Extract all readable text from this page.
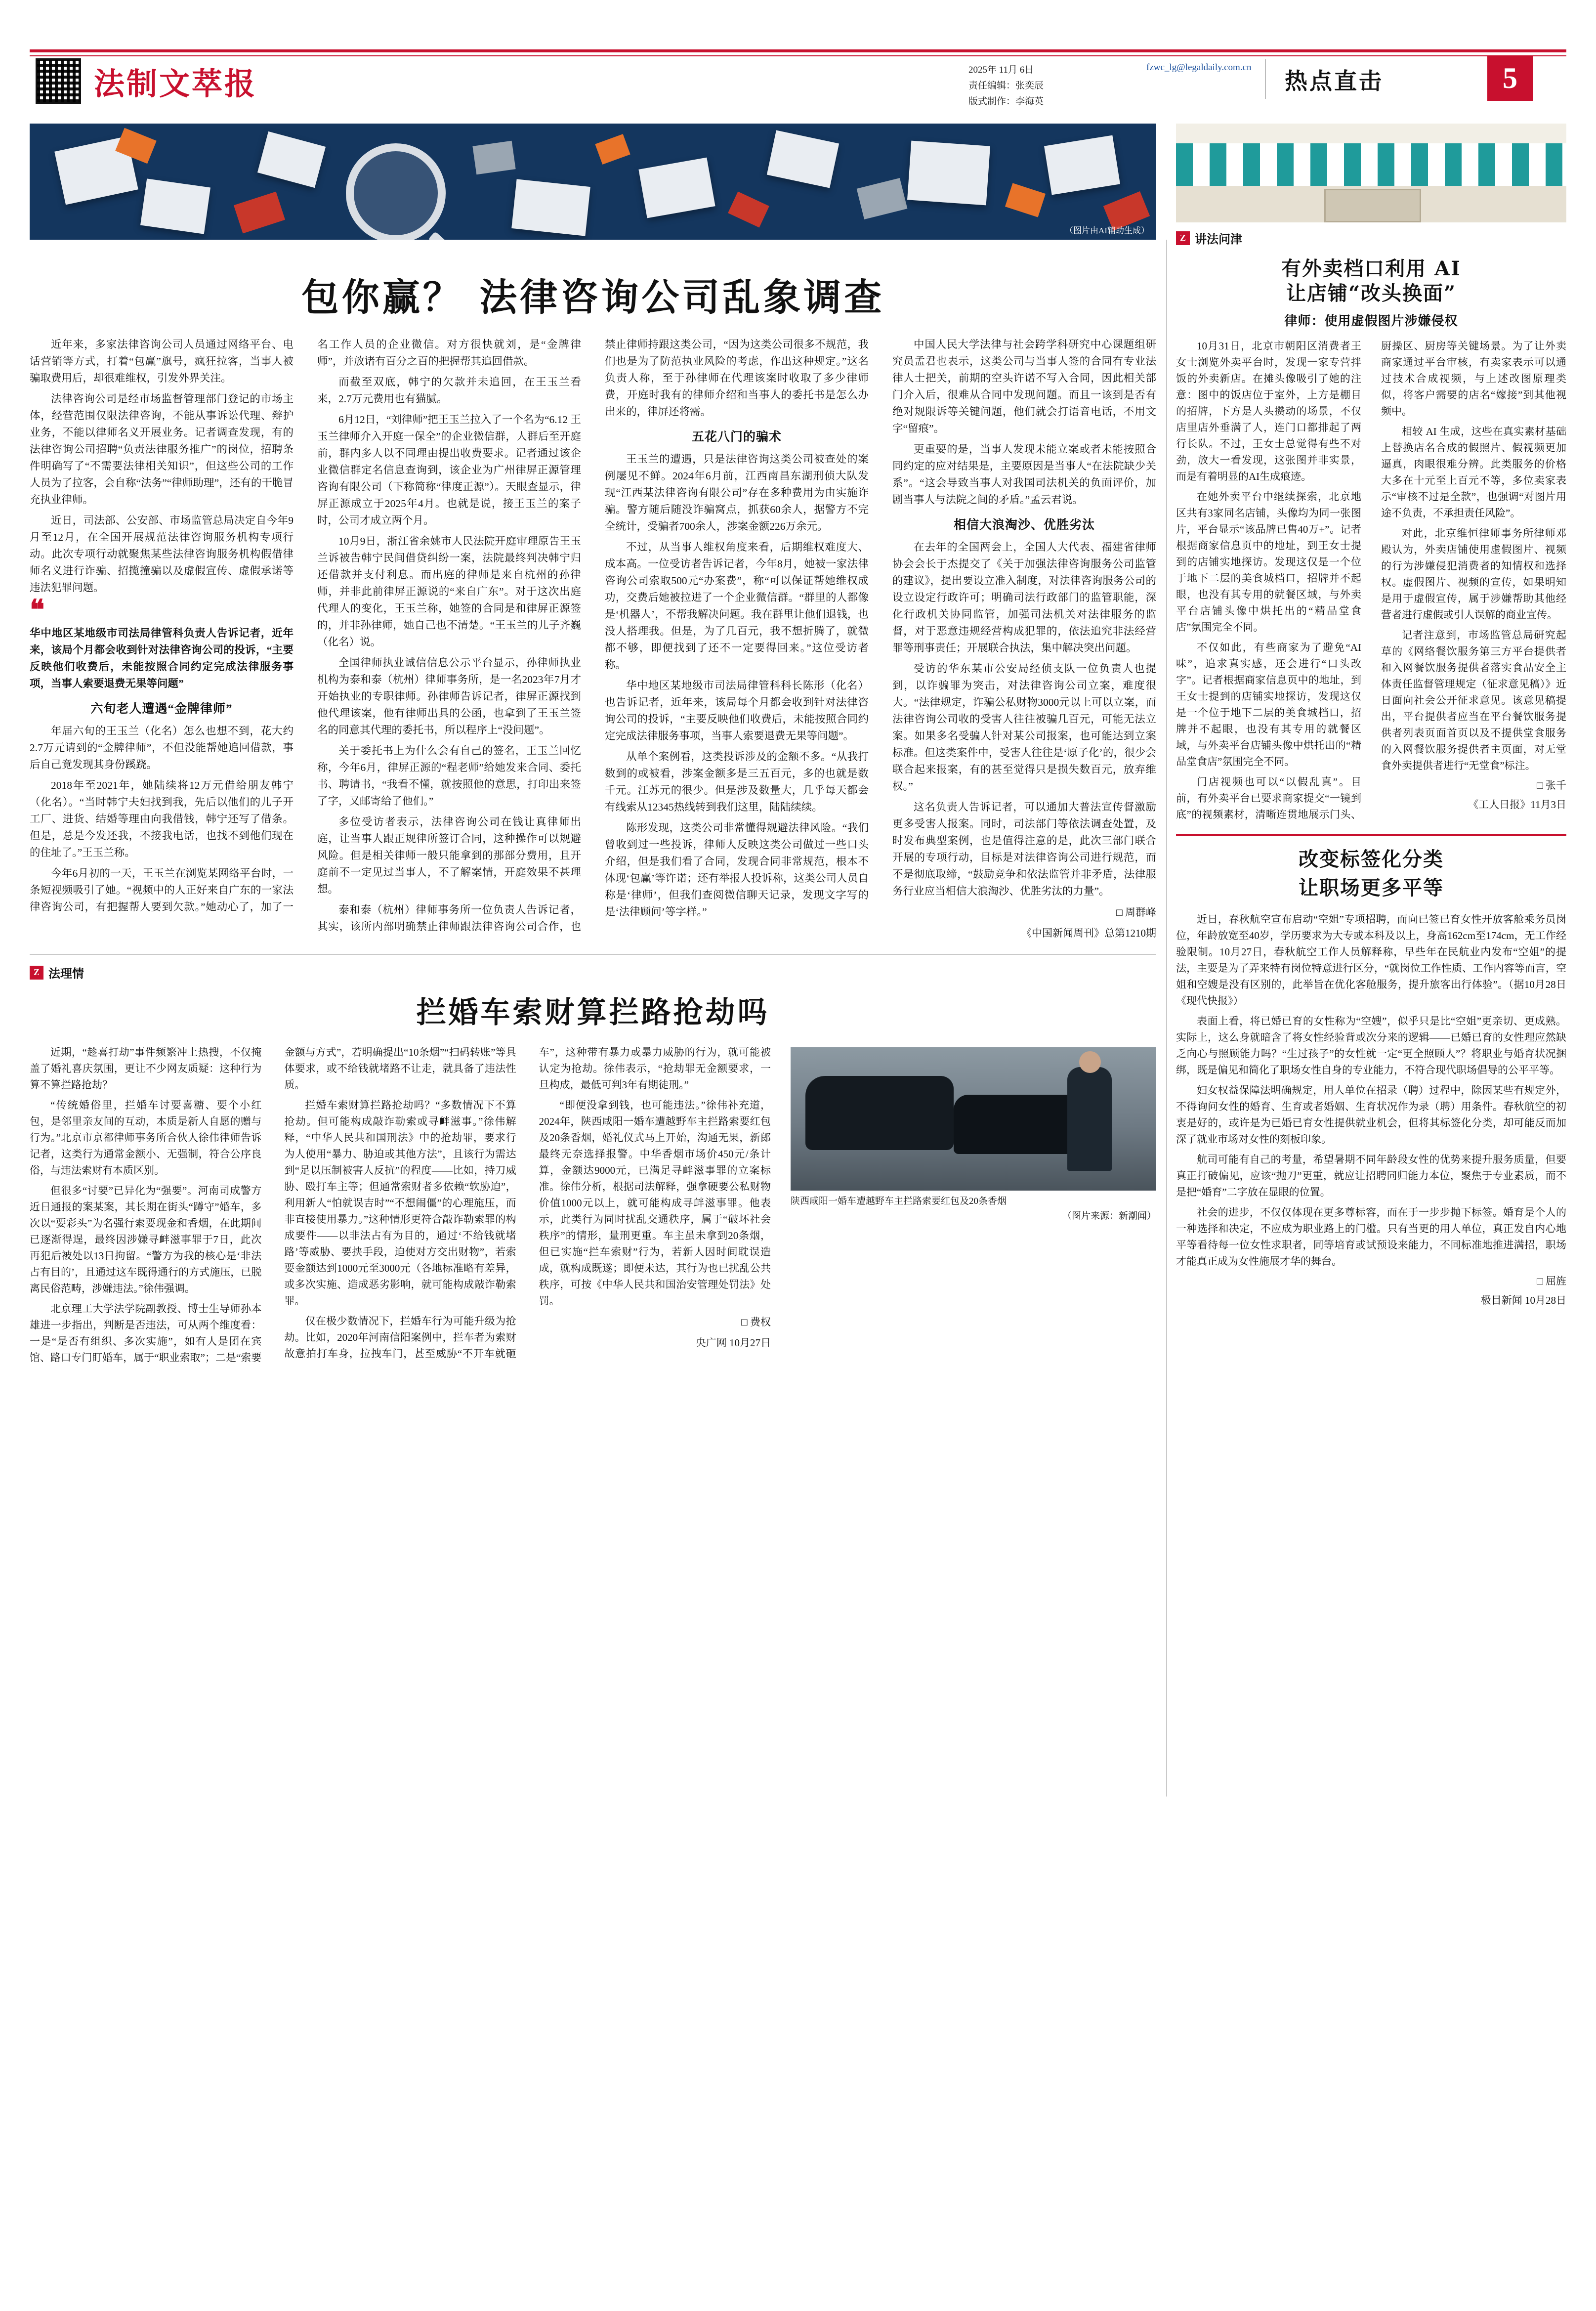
法制文萃报	2025年 11月 6日
责任编辑：张奕辰
版式制作：李海英
fzwc_lg@legaldaily.com.cn
热点直击	5
（图片由AI辅助生成）
包你赢？ 法律咨询公司乱象调查

近年来，多家法律咨询公司人员通过网络平台、电话营销等方式，打着“包赢”旗号，疯狂拉客，当事人被骗取费用后，却很难维权，引发外界关注。

法律咨询公司是经市场监督管理部门登记的市场主体，经营范围仅限法律咨询，不能从事诉讼代理、辩护业务，不能以律师名义开展业务。记者调查发现，有的法律咨询公司招聘“负责法律服务推广”的岗位，招聘条件明确写了“不需要法律相关知识”，但这些公司的工作人员为了拉客，会自称“法务”“律师助理”，还有的干脆冒充执业律师。

近日，司法部、公安部、市场监管总局决定自今年9月至12月，在全国开展规范法律咨询服务机构专项行动。此次专项行动就聚焦某些法律咨询服务机构假借律师名义进行诈骗、招揽撞骗以及虚假宣传、虚假承诺等违法犯罪问题。

❝
华中地区某地级市司法局律管科负责人告诉记者，近年来，该局个月都会收到针对法律咨询公司的投诉，“主要反映他们收费后，未能按照合同约定完成法律服务事项，当事人索要退费无果等问题”
六旬老人遭遇“金牌律师”

年届六旬的王玉兰（化名）怎么也想不到，花大约2.7万元请到的“金牌律师”，不但没能帮她追回借款，事后自己竟发现其身份蹊跷。

2018年至2021年，她陆续将12万元借给朋友韩宁（化名）。“当时韩宁夫妇找到我，先后以他们的儿子开工厂、进货、结婚等理由向我借钱，韩宁还写了借条。但是，总是今发还我，不接我电话，也找不到他们现在的住址了。”王玉兰称。

今年6月初的一天，王玉兰在浏览某网络平台时，一条短视频吸引了她。“视频中的人正好来自广东的一家法律咨询公司，有把握帮人要到欠款。”她动心了，加了一名工作人员的企业微信。对方很快就刘，是“金牌律师”，并放诸有百分之百的把握帮其追回借款。

而截至双底，韩宁的欠款并未追回，在王玉兰看来，2.7万元费用也有猫腻。

6月12日，“刘律师”把王玉兰拉入了一个名为“6.12 王玉兰律师介入开庭一保全”的企业微信群，人群后至开庭前，群内多人以不同理由提出收费要求。记者通过该企业微信群定名信息查询到，该企业为广州律屏正源管理咨询有限公司（下称简称“律度正源”）。天眼查显示，律屏正源成立于2025年4月。也就是说，接王玉兰的案子时，公司才成立两个月。

10月9日，浙江省余姚市人民法院开庭审理原告王玉兰诉被告韩宁民间借贷纠纷一案，法院最终判决韩宁归还借款并支付利息。而出庭的律师是来自杭州的孙律师，并非此前律屏正源说的“来自广东”。对于这次出庭代理人的变化，王玉兰称，她签的合同是和律屏正源签的，并非孙律师，她自己也不清楚。“王玉兰的儿子齐巍（化名）说。

全国律师执业诚信信息公示平台显示，孙律师执业机构为泰和泰（杭州）律师事务所，是一名2023年7月才开始执业的专职律师。孙律师告诉记者，律屏正源找到他代理该案，他有律师出具的公函，也拿到了王玉兰签名的同意其代理的委托书，所以程序上“没问题”。

关于委托书上为什么会有自己的签名，王玉兰回忆称，今年6月，律屏正源的“程老师”给她发来合同、委托书、聘请书，“我看不懂，就按照他的意思，打印出来签了字，又邮寄给了他们。”

多位受访者表示，法律咨询公司在钱让真律师出庭，让当事人跟正规律所签订合同，这种操作可以规避风险。但是相关律师一般只能拿到的那部分费用，且开庭前不一定见过当事人，不了解案情，开庭效果不甚理想。

泰和泰（杭州）律师事务所一位负责人告诉记者，其实，该所内部明确禁止律师跟法律咨询公司合作，也禁止律师持跟这类公司，“因为这类公司很多不规范，我们也是为了防范执业风险的考虑，作出这种规定。”这名负责人称，至于孙律师在代理该案时收取了多少律师费，开庭时我有的律师介绍和当事人的委托书是怎么办出来的，律屏还将需。

五花八门的骗术

王玉兰的遭遇，只是法律咨询这类公司被查处的案例屡见不鲜。2024年6月前，江西南昌东湖刑侦大队发现“江西某法律咨询有限公司”存在多种费用为由实施诈骗。警方随后随没诈骗窝点，抓获60余人，据警方不完全统计，受骗者700余人，涉案金额226万余元。

不过，从当事人维权角度来看，后期维权难度大、成本高。一位受访者告诉记者，今年8月，她被一家法律咨询公司索取500元“办案费”，称“可以保证帮她维权成功，交费后她被拉进了一个企业微信群。“群里的人都像是‘机器人’，不帮我解决问题。我在群里让他们退钱，也没人搭理我。但是，为了几百元，我不想折腾了，就微都不够，即便找到了还不一定要得回来。”这位受访者称。

华中地区某地级市司法局律管科科长陈形（化名）也告诉记者，近年来，该局每个月都会收到针对法律咨询公司的投诉，“主要反映他们收费后，未能按照合同约定完成法律服务事项，当事人索要退费无果等问题”。

从单个案例看，这类投诉涉及的金额不多。“从我打数到的或被看，涉案金额多是三五百元，多的也就是数千元。江苏元的很少。但是涉及数量大，几乎每天都会有线索从12345热线转到我们这里，陆陆续续。

陈形发现，这类公司非常懂得规避法律风险。“我们曾收到过一些投诉，律师人反映这类公司做过一些口头介绍，但是我们看了合同，发现合同非常规范，根本不体现‘包赢’等许诺；还有举报人投诉称，这类公司人员自称是‘律师’，但我们查阅微信聊天记录，发现文字写的是‘法律顾问’等字样。”

中国人民大学法律与社会跨学科研究中心课题组研究员孟君也表示，这类公司与当事人签的合同有专业法律人士把关，前期的空头许诺不写入合同，因此相关部门介入后，很难从合同中发现问题。而且一该到是否有绝对规限诉等关键问题，他们就会打语音电话，不用文字“留痕”。

更重要的是，当事人发现未能立案或者未能按照合同约定的应对结果是，主要原因是当事人“在法院缺少关系”。“这会导致当事人对我国司法机关的负面评价，加剧当事人与法院之间的矛盾。”孟云君说。

相信大浪淘沙、优胜劣汰

在去年的全国两会上，全国人大代表、福建省律师协会会长于杰提交了《关于加强法律咨询服务公司监管的建议》，提出要设立准入制度，对法律咨询服务公司的设立设定行政许可；明确司法行政部门的监管职能，深化行政机关协同监管，加强司法机关对法律服务的监督，对于恶意违规经营构成犯罪的，依法追究非法经营罪等刑事责任；开展联合执法，集中解决突出问题。

受访的华东某市公安局经侦支队一位负责人也提到，以诈骗罪为突击，对法律咨询公司立案，难度很大。“法律规定，诈骗公私财物3000元以上可以立案，而法律咨询公司收的受害人往往被骗几百元，可能无法立案。如果多名受骗人针对某公司报案，也可能达到立案标准。但这类案件中，受害人往往是‘原子化’的，很少会联合起来报案，有的甚至觉得只是损失数百元，放弃维权。”

这名负责人告诉记者，可以通加大普法宣传督激励更多受害人报案。同时，司法部门等依法调查处置，及时发布典型案例，也是值得注意的是，此次三部门联合开展的专项行动，目标是对法律咨询公司进行规范，而不是彻底取缔，“鼓励竞争和依法监管并非矛盾，法律服务行业应当相信大浪淘沙、优胜劣汰的力量”。

□ 周群峰
《中国新闻周刊》总第1210期
Z 法理情
拦婚车索财算拦路抢劫吗
陕西咸阳一婚车遭越野车主拦路索要红包及20条香烟
（图片来源：新潮闻）

近期，“趁喜打劫”事件频繁冲上热搜，不仅掩盖了婚礼喜庆氛围，更让不少网友质疑：这种行为算不算拦路抢劫？

“传统婚俗里，拦婚车讨要喜糖、要个小红包，是邻里亲友间的互动，本质是新人自愿的赠与行为。”北京市京都律师事务所合伙人徐伟律师告诉记者，这类行为通常金额小、无强制，符合公序良俗，与违法索财有本质区别。

但很多“讨要”已异化为“强要”。河南司成警方近日通报的案某案，其长期在街头“蹲守”婚车，多次以“要彩头”为名强行索要现金和香烟，在此期间已逐渐得逞，最终因涉嫌寻衅滋事罪于7日，此次再犯后被处以13日拘留。“警方为我的核心是‘非法占有目的’，且通过这车既得通行的方式施压，已脱离民俗范畴，涉嫌违法。”徐伟强调。

北京理工大学法学院副教授、博士生导师孙本雄进一步指出，判断是否违法，可从两个维度看：一是“是否有组织、多次实施”，如有人是团在宾馆、路口专门盯婚车，属于“职业索取”；二是“索要金额与方式”，若明确提出“10条烟”“扫码转账”等具体要求，或不给钱就堵路不让走，就具备了违法性质。

拦婚车索财算拦路抢劫吗？“多数情况下不算抢劫。但可能构成敲诈勒索或寻衅滋事。”徐伟解释，“中华人民共和国刑法》中的抢劫罪，要求行为人使用“暴力、胁迫或其他方法”，且该行为需达到“足以压制被害人反抗”的程度——比如，持刀威胁、殴打车主等；但通常索财者多依赖“软胁迫”，利用新人“怕就误吉时”“不想闹僵”的心理施压，而非直接使用暴力。”这种情形更符合敲诈勒索罪的构成要件——以非法占有为目的，通过‘不给钱就堵路’等威胁、要挟手段，迫使对方交出财物”，若索要金额达到1000元至3000元（各地标准略有差异，或多次实施、造成恶劣影响，就可能构成敲诈勒索罪。

仅在极少数情况下，拦婚车行为可能升级为抢劫。比如，2020年河南信阳案例中，拦车者为索财故意拍打车身，拉拽车门，甚至威胁“不开车就砸车”，这种带有暴力或暴力威胁的行为，就可能被认定为抢劫。徐伟表示，“抢劫罪无金额要求，一旦构成，最低可判3年有期徒刑。”

“即便没拿到钱，也可能违法。”徐伟补充道，2024年，陕西咸阳一婚车遭越野车主拦路索要红包及20条香烟，婚礼仪式马上开始，沟通无果，新郎最终无奈选择报警。中华香烟市场价450元/条计算，金额达9000元，已满足寻衅滋事罪的立案标准。徐伟分析，根据司法解释，强拿硬要公私财物价值1000元以上，就可能构成寻衅滋事罪。他表示，此类行为同时扰乱交通秩序，属于“破坏社会秩序”的情形，量刑更重。车主虽未拿到20条烟，但已实施“拦车索财”行为，若新人因时间耽误造成，就构成既遂；即便未达，其行为也已扰乱公共秩序，可按《中华人民共和国治安管理处罚法》处罚。

□ 费权
央广网 10月27日
Z 讲法问津
有外卖档口利用 AI
让店铺“改头换面”
律师：使用虚假图片涉嫌侵权

10月31日，北京市朝阳区消费者王女士浏览外卖平台时，发现一家专营拌饭的外卖新店。在摊头像吸引了她的注意：图中的饭店位于室外，上方是棚目的招牌，下方是人头攒动的场景，不仅店里店外垂满了人，连门口都排起了两行长队。不过，王女士总觉得有些不对劲，放大一看发现，这张图并非实景，而是有着明显的AI生成痕迹。

在她外卖平台中继续探索，北京地区共有3家同名店铺，头像均为同一张图片，平台显示“该品牌已售40万+”。记者根据商家信息页中的地址，到王女士提到的店铺实地探访。发现这仅是一个位于地下二层的美食城档口，招牌并不起眼，也没有其专用的就餐区域，与外卖平台店铺头像中烘托出的“精品堂食店”氛围完全不同。

不仅如此，有些商家为了避免“AI味”，追求真实感，还会进行“口头改字”。记者根据商家信息页中的地址，到王女士提到的店铺实地探访，发现这仅是一个位于地下二层的美食城档口，招牌并不起眼，也没有其专用的就餐区域，与外卖平台店铺头像中烘托出的“精品堂食店”氛围完全不同。

门店视频也可以“以假乱真”。目前，有外卖平台已要求商家提交“一镜到底”的视频素材，清晰连贯地展示门头、厨操区、厨房等关键场景。为了让外卖商家通过平台审核，有卖家表示可以通过技术合成视频，与上述改图原理类似，将客户需要的店名“嫁接”到其他视频中。

相较 AI 生成，这些在真实素材基础上替换店名合成的假照片、假视频更加逼真，肉眼很难分辨。此类服务的价格大多在十元至上百元不等，多位卖家表示“审核不过是全款”，也强调“对图片用途不负责，不承担责任风险”。

对此，北京维恒律师事务所律师邓殿认为，外卖店铺使用虚假图片、视频的行为涉嫌侵犯消费者的知情权和选择权。虚假图片、视频的宣传，如果明知是用于虚假宣传，属于涉嫌帮助其他经营者进行虚假或引人误解的商业宣传。

记者注意到，市场监管总局研究起草的《网络餐饮服务第三方平台提供者和入网餐饮服务提供者落实食品安全主体责任监督管理规定（征求意见稿）》近日面向社会公开征求意见。该意见稿提出，平台提供者应当在平台餐饮服务提供者列表页面首页以及不提供堂食服务的入网餐饮服务提供者主页面，对无堂食外卖提供者进行“无堂食”标注。

□ 张千
《工人日报》11月3日
改变标签化分类
让职场更多平等

近日，春秋航空宣布启动“空姐”专项招聘，而向已签已育女性开放客舱乘务员岗位，年龄放宽至40岁，学历要求为大专或本科及以上，身高162cm至174cm，无工作经验限制。10月27日，春秋航空工作人员解释称，早些年在民航业内发布“空姐”的提法，主要是为了弄来特有岗位特意进行区分，“就岗位工作性质、工作内容等而言，空姐和空嫂是没有区别的，此举旨在优化客舱服务，提升旅客出行体验”。（据10月28日《现代快报》）

表面上看，将已婚已育的女性称为“空嫂”，似乎只是比“空姐”更亲切、更成熟。实际上，这么身就暗含了将女性经验背或次分来的逻辑——已婚已育的女性理应然缺乏向心与照顾能力吗？“生过孩子”的女性就一定“更全照顾人”？将职业与婚育状况捆绑，既是偏见和简化了职场女性自身的专业能力，不符合现代职场倡导的公平平等。

妇女权益保障法明确规定，用人单位在招录（聘）过程中，除因某些有规定外，不得询问女性的婚育、生育或者婚姻、生育状况作为录（聘）用条件。春秋航空的初衷是好的，或许是为已婚已育女性提供就业机会，但将其标签化分类，却可能反而加深了就业市场对女性的刻板印象。

航司可能有自己的考量，希望暑期不同年龄段女性的优势来提升服务质量，但要真正打破偏见，应该“抛刀”更重，就应让招聘同归能力本位，聚焦于专业素质，而不是把“婚育”二字放在显眼的位置。

社会的进步，不仅仅体现在更多尊标容，而在于一步步抛下标签。婚育是个人的一种选择和决定，不应成为职业路上的门槛。只有当更的用人单位，真正发自内心地平等看待每一位女性求职者，同等培育或试预设来能力，不同标准地推进满招，职场才能真正成为女性施展才华的舞台。

□ 屈旌
极目新闻 10月28日
